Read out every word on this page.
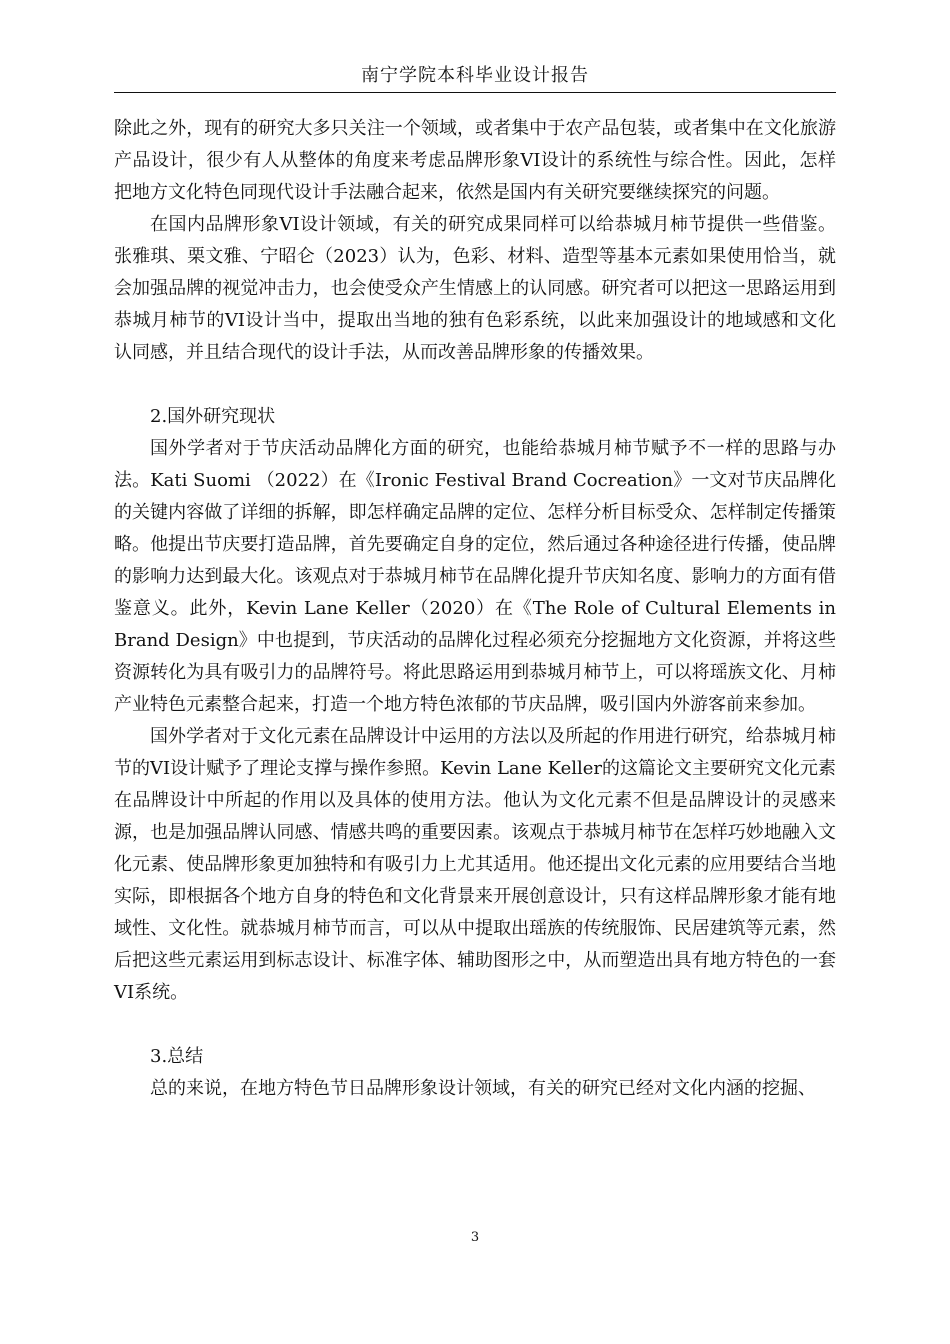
南宁学院本科毕业设计报告

除此之外，现有的研究大多只关注一个领域，或者集中于农产品包装，或者集中在文化旅游产品设计，很少有人从整体的角度来考虑品牌形象VI设计的系统性与综合性。因此，怎样把地方文化特色同现代设计手法融合起来，依然是国内有关研究要继续探究的问题。

在国内品牌形象VI设计领域，有关的研究成果同样可以给恭城月柿节提供一些借鉴。张雅琪、栗文雅、宁昭仑（2023）认为，色彩、材料、造型等基本元素如果使用恰当，就会加强品牌的视觉冲击力，也会使受众产生情感上的认同感。研究者可以把这一思路运用到恭城月柿节的VI设计当中，提取出当地的独有色彩系统，以此来加强设计的地域感和文化认同感，并且结合现代的设计手法，从而改善品牌形象的传播效果。

2.国外研究现状

国外学者对于节庆活动品牌化方面的研究，也能给恭城月柿节赋予不一样的思路与办法。Kati Suomi （2022）在《Ironic Festival Brand Cocreation》一文对节庆品牌化的关键内容做了详细的拆解，即怎样确定品牌的定位、怎样分析目标受众、怎样制定传播策略。他提出节庆要打造品牌，首先要确定自身的定位，然后通过各种途径进行传播，使品牌的影响力达到最大化。该观点对于恭城月柿节在品牌化提升节庆知名度、影响力的方面有借鉴意义。此外，Kevin Lane Keller（2020）在《The Role of Cultural Elements in Brand Design》中也提到，节庆活动的品牌化过程必须充分挖掘地方文化资源，并将这些资源转化为具有吸引力的品牌符号。将此思路运用到恭城月柿节上，可以将瑶族文化、月柿产业特色元素整合起来，打造一个地方特色浓郁的节庆品牌，吸引国内外游客前来参加。

国外学者对于文化元素在品牌设计中运用的方法以及所起的作用进行研究，给恭城月柿节的VI设计赋予了理论支撑与操作参照。Kevin Lane Keller的这篇论文主要研究文化元素在品牌设计中所起的作用以及具体的使用方法。他认为文化元素不但是品牌设计的灵感来源，也是加强品牌认同感、情感共鸣的重要因素。该观点于恭城月柿节在怎样巧妙地融入文化元素、使品牌形象更加独特和有吸引力上尤其适用。他还提出文化元素的应用要结合当地实际，即根据各个地方自身的特色和文化背景来开展创意设计，只有这样品牌形象才能有地域性、文化性。就恭城月柿节而言，可以从中提取出瑶族的传统服饰、民居建筑等元素，然后把这些元素运用到标志设计、标准字体、辅助图形之中，从而塑造出具有地方特色的一套VI系统。

3.总结

总的来说，在地方特色节日品牌形象设计领域，有关的研究已经对文化内涵的挖掘、

3
